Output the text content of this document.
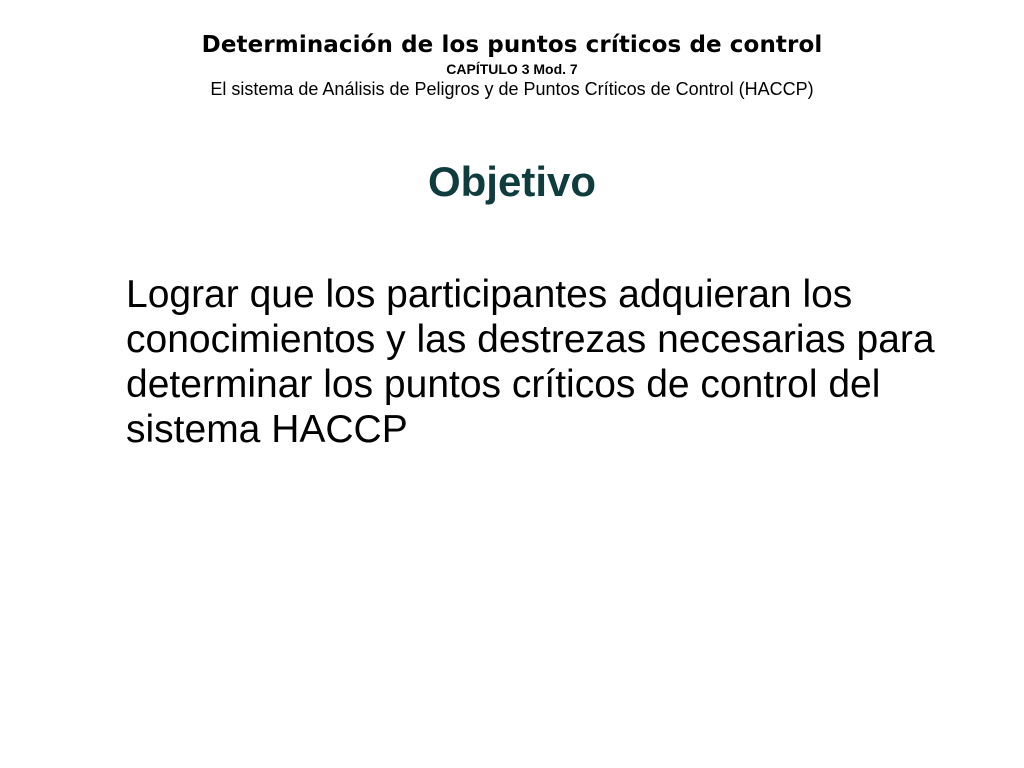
Determinación de los puntos críticos de control
CAPÍTULO 3 Mod. 7
El sistema de Análisis de Peligros y de Puntos Críticos de Control (HACCP)
Objetivo
Lograr que los participantes adquieran los conocimientos y las destrezas necesarias para determinar los puntos críticos de control del sistema HACCP
